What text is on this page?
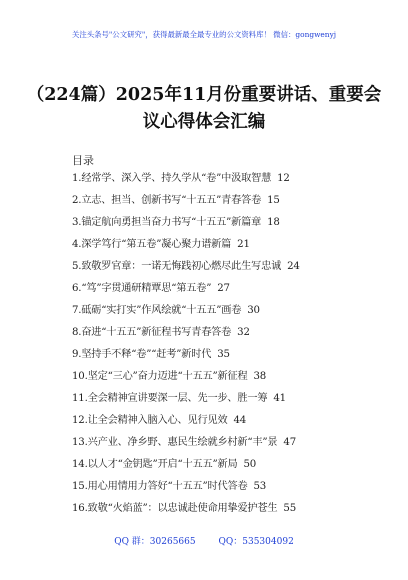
关注头条号"公文研究"，获得最新最全最专业的公文资料库！ 微信：gongwenyj
（224篇）2025年11月份重要讲话、重要会议心得体会汇编
目录
1.经常学、深入学、持久学从“卷”中汲取智慧 12
2.立志、担当、创新书写“十五五”青春答卷 15
3.锚定航向勇担当奋力书写“十五五”新篇章 18
4.深学笃行“第五卷”凝心聚力谱新篇 21
5.致敬罗官章：一诺无悔践初心燃尽此生写忠诚 24
6.“笃”字贯通研精覃思“第五卷” 27
7.砥砺“实打实”作风绘就“十五五”画卷 30
8.奋进“十五五”新征程书写青春答卷 32
9.坚持手不释“卷”“赶考”新时代 35
10.坚定“三心”奋力迈进“十五五”新征程 38
11.全会精神宣讲要深一层、先一步、胜一筹 41
12.让全会精神入脑入心、见行见效 44
13.兴产业、净乡野、惠民生绘就乡村新“丰”景 47
14.以人才“金钥匙”开启“十五五”新局 50
15.用心用情用力答好“十五五”时代答卷 53
16.致敬“火焰蓝”：以忠诚赴使命用挚爱护苍生 55
QQ 群：30265665	QQ：535304092
